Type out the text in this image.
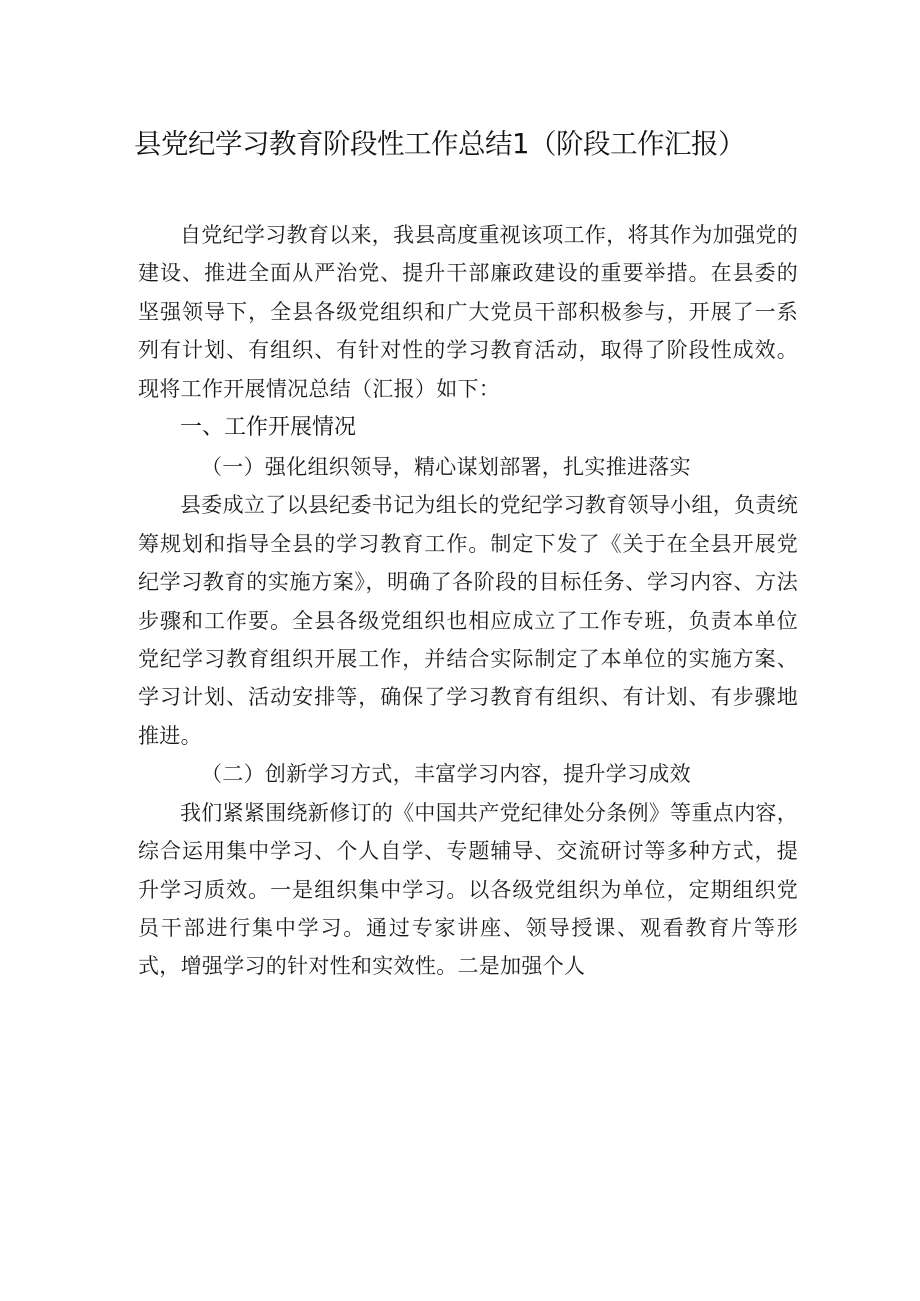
县党纪学习教育阶段性工作总结1（阶段工作汇报）

自党纪学习教育以来，我县高度重视该项工作，将其作为加强党的建设、推进全面从严治党、提升干部廉政建设的重要举措。在县委的坚强领导下，全县各级党组织和广大党员干部积极参与，开展了一系列有计划、有组织、有针对性的学习教育活动，取得了阶段性成效。现将工作开展情况总结（汇报）如下：

一、工作开展情况
（一）强化组织领导，精心谋划部署，扎实推进落实

县委成立了以县纪委书记为组长的党纪学习教育领导小组，负责统筹规划和指导全县的学习教育工作。制定下发了《关于在全县开展党纪学习教育的实施方案》，明确了各阶段的目标任务、学习内容、方法步骤和工作要。全县各级党组织也相应成立了工作专班，负责本单位党纪学习教育组织开展工作，并结合实际制定了本单位的实施方案、学习计划、活动安排等，确保了学习教育有组织、有计划、有步骤地推进。

（二）创新学习方式，丰富学习内容，提升学习成效

我们紧紧围绕新修订的《中国共产党纪律处分条例》等重点内容，综合运用集中学习、个人自学、专题辅导、交流研讨等多种方式，提升学习质效。一是组织集中学习。以各级党组织为单位，定期组织党员干部进行集中学习。通过专家讲座、领导授课、观看教育片等形式，增强学习的针对性和实效性。二是加强个人
